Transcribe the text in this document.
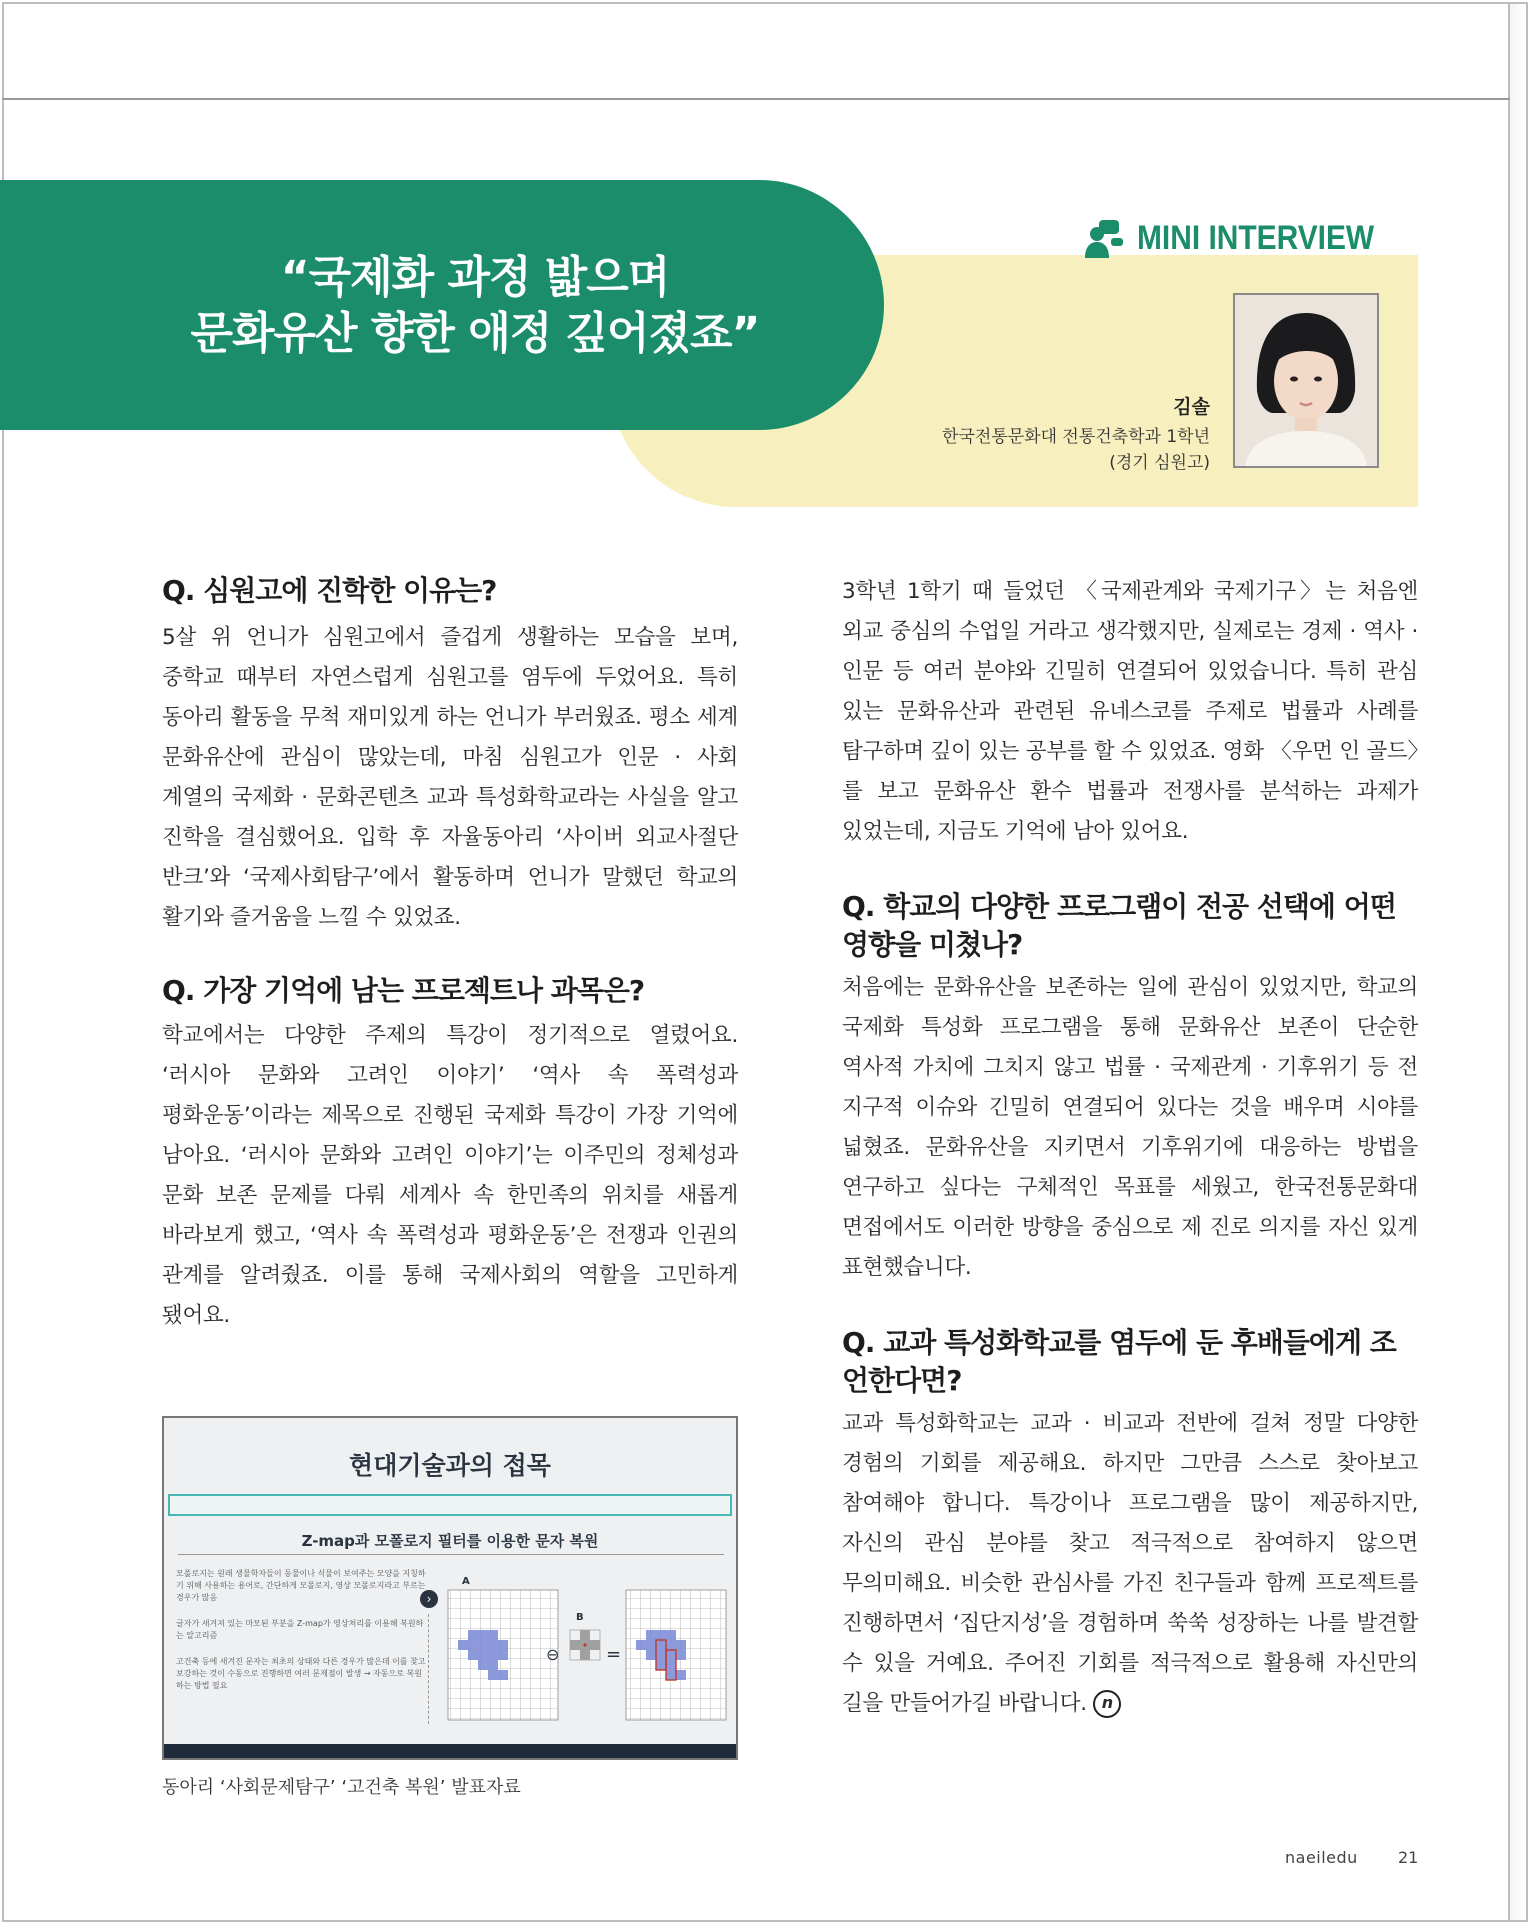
“국제화 과정 밟으며
문화유산 향한 애정 깊어졌죠”
MINI INTERVIEW
김솔
한국전통문화대 전통건축학과 1학년
(경기 심원고)

Q. 심원고에 진학한 이유는?

5살 위 언니가 심원고에서 즐겁게 생활하는 모습을 보며, 중학교 때부터 자연스럽게 심원고를 염두에 두었어요. 특히 동아리 활동을 무척 재미있게 하는 언니가 부러웠죠. 평소 세계 문화유산에 관심이 많았는데, 마침 심원고가 인문 · 사회 계열의 국제화 · 문화콘텐츠 교과 특성화학교라는 사실을 알고 진학을 결심했어요. 입학 후 자율동아리 ‘사이버 외교사절단 반크’와 ‘국제사회탐구’에서 활동하며 언니가 말했던 학교의 활기와 즐거움을 느낄 수 있었죠.

Q. 가장 기억에 남는 프로젝트나 과목은?

학교에서는 다양한 주제의 특강이 정기적으로 열렸어요. ‘러시아 문화와 고려인 이야기’ ‘역사 속 폭력성과 평화운동’이라는 제목으로 진행된 국제화 특강이 가장 기억에 남아요. ‘러시아 문화와 고려인 이야기’는 이주민의 정체성과 문화 보존 문제를 다뤄 세계사 속 한민족의 위치를 새롭게 바라보게 했고, ‘역사 속 폭력성과 평화운동’은 전쟁과 인권의 관계를 알려줬죠. 이를 통해 국제사회의 역할을 고민하게 됐어요.

현대기술과의 접목
Z-map과 모폴로지 필터를 이용한 문자 복원

모폴로지는 원래 생물학자들이 동물이나 식물이 보여주는 모양을 지칭하기 위해 사용하는 용어로, 간단하게 모폴로지, 영상 모폴로지라고 부르는 경우가 많음

글자가 새겨져 있는 마모된 부분을 Z-map가 영상처리를 이용해 복원하는 알고리즘

고건축 등에 새겨진 문자는 최초의 상태와 다른 경우가 많은데 이를 찾고 보강하는 것이 수동으로 진행하면 여러 문제점이 발생 → 자동으로 복원하는 방법 필요

›
A
B
⊖	=
동아리 ‘사회문제탐구’ ‘고건축 복원’ 발표자료

3학년 1학기 때 들었던 〈국제관계와 국제기구〉는 처음엔 외교 중심의 수업일 거라고 생각했지만, 실제로는 경제 · 역사 · 인문 등 여러 분야와 긴밀히 연결되어 있었습니다. 특히 관심 있는 문화유산과 관련된 유네스코를 주제로 법률과 사례를 탐구하며 깊이 있는 공부를 할 수 있었죠. 영화 〈우먼 인 골드〉를 보고 문화유산 환수 법률과 전쟁사를 분석하는 과제가 있었는데, 지금도 기억에 남아 있어요.

Q. 학교의 다양한 프로그램이 전공 선택에 어떤 영향을 미쳤나?

처음에는 문화유산을 보존하는 일에 관심이 있었지만, 학교의 국제화 특성화 프로그램을 통해 문화유산 보존이 단순한 역사적 가치에 그치지 않고 법률 · 국제관계 · 기후위기 등 전 지구적 이슈와 긴밀히 연결되어 있다는 것을 배우며 시야를 넓혔죠. 문화유산을 지키면서 기후위기에 대응하는 방법을 연구하고 싶다는 구체적인 목표를 세웠고, 한국전통문화대 면접에서도 이러한 방향을 중심으로 제 진로 의지를 자신 있게 표현했습니다.

Q. 교과 특성화학교를 염두에 둔 후배들에게 조언한다면?

교과 특성화학교는 교과 · 비교과 전반에 걸쳐 정말 다양한 경험의 기회를 제공해요. 하지만 그만큼 스스로 찾아보고 참여해야 합니다. 특강이나 프로그램을 많이 제공하지만, 자신의 관심 분야를 찾고 적극적으로 참여하지 않으면 무의미해요. 비슷한 관심사를 가진 친구들과 함께 프로젝트를 진행하면서 ‘집단지성’을 경험하며 쑥쑥 성장하는 나를 발견할 수 있을 거예요. 주어진 기회를 적극적으로 활용해 자신만의 길을 만들어가길 바랍니다. n

naeiledu	21
